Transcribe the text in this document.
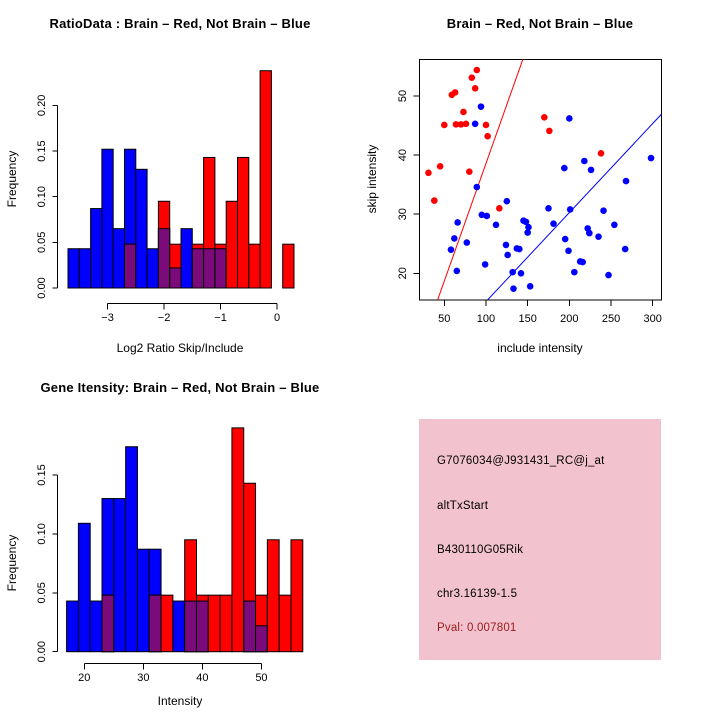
0.00
0.05
0.10
0.15
0.20
−3	−2	−1	0
RatioData : Brain – Red, Not Brain – Blue
Frequency
Log2 Ratio Skip/Include
50 100 150 200 250 300
20
30
40
50
Brain – Red, Not Brain – Blue
skip intensity
include intensity
0.00
0.05
0.10
0.15
20	30	40	50
Gene Itensity: Brain – Red, Not Brain – Blue
Frequency
Intensity
G7076034@J931431_RC@j_at
altTxStart
B430110G05Rik
chr3.16139-1.5
Pval: 0.007801
